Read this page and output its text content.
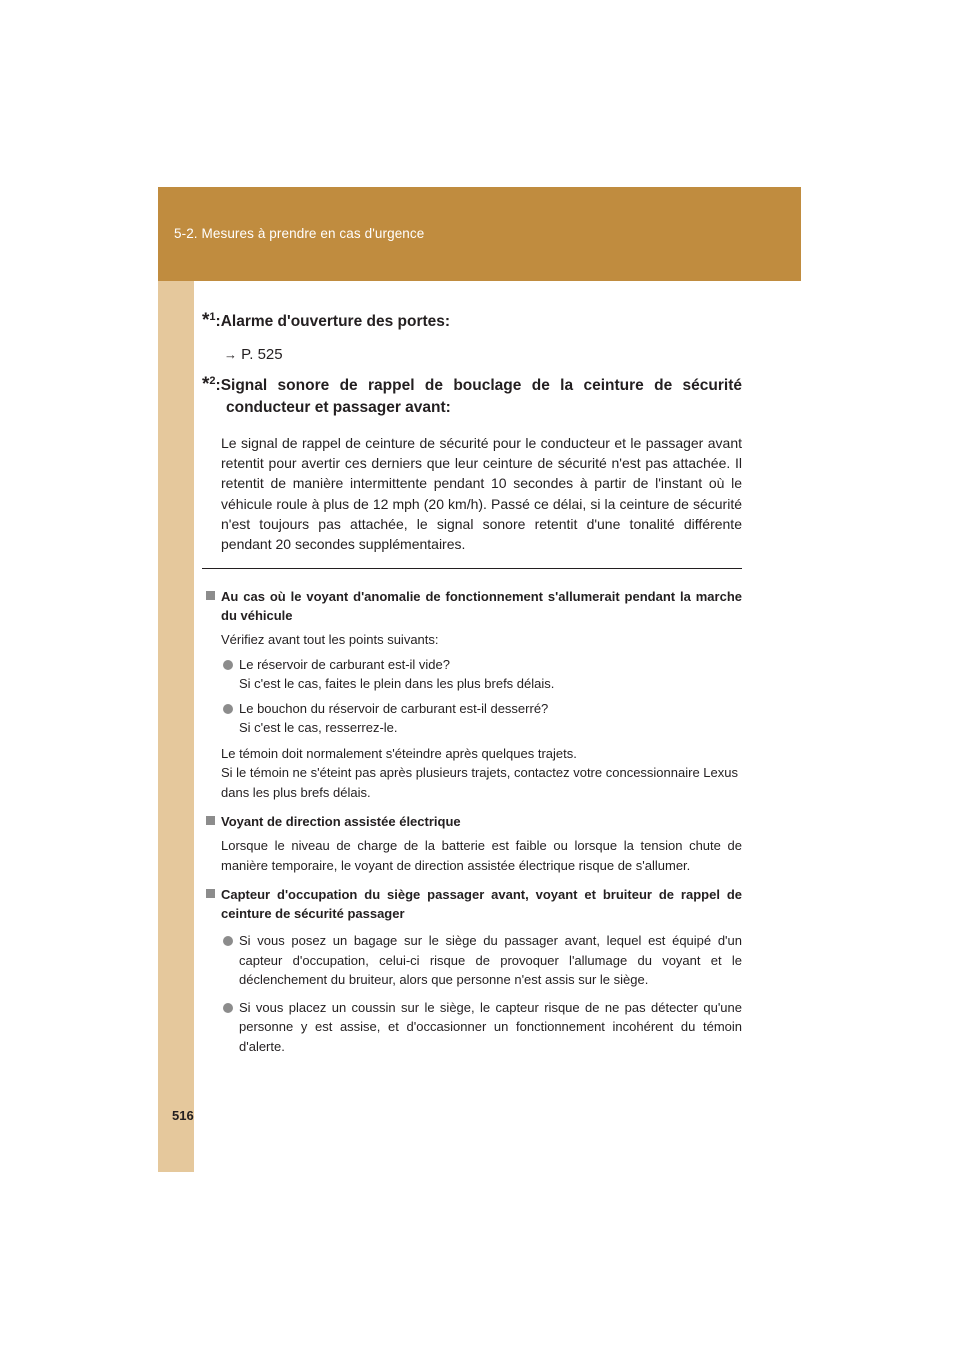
5-2. Mesures à prendre en cas d'urgence
*$^1$:Alarme d'ouverture des portes:
→ P. 525
*$^2$:Signal sonore de rappel de bouclage de la ceinture de sécurité
conducteur et passager avant:
Le signal de rappel de ceinture de sécurité pour le conducteur et le passager avant retentit pour avertir ces derniers que leur ceinture de sécurité n'est pas attachée. Il retentit de manière intermittente pendant 10 secondes à partir de l'instant où le véhicule roule à plus de 12 mph (20 km/h). Passé ce délai, si la ceinture de sécurité n'est toujours pas attachée, le signal sonore retentit d'une tonalité différente pendant 20 secondes supplémentaires.
Au cas où le voyant d'anomalie de fonctionnement s'allumerait pendant la marche du véhicule
Vérifiez avant tout les points suivants:
Le réservoir de carburant est-il vide?
Si c'est le cas, faites le plein dans les plus brefs délais.
Le bouchon du réservoir de carburant est-il desserré?
Si c'est le cas, resserrez-le.
Le témoin doit normalement s'éteindre après quelques trajets.
Si le témoin ne s'éteint pas après plusieurs trajets, contactez votre concessionnaire Lexus dans les plus brefs délais.
Voyant de direction assistée électrique
Lorsque le niveau de charge de la batterie est faible ou lorsque la tension chute de manière temporaire, le voyant de direction assistée électrique risque de s'allumer.
Capteur d'occupation du siège passager avant, voyant et bruiteur de rappel de ceinture de sécurité passager
Si vous posez un bagage sur le siège du passager avant, lequel est équipé d'un capteur d'occupation, celui-ci risque de provoquer l'allumage du voyant et le déclenchement du bruiteur, alors que personne n'est assis sur le siège.
Si vous placez un coussin sur le siège, le capteur risque de ne pas détecter qu'une personne y est assise, et d'occasionner un fonctionnement incohérent du témoin d'alerte.
516
